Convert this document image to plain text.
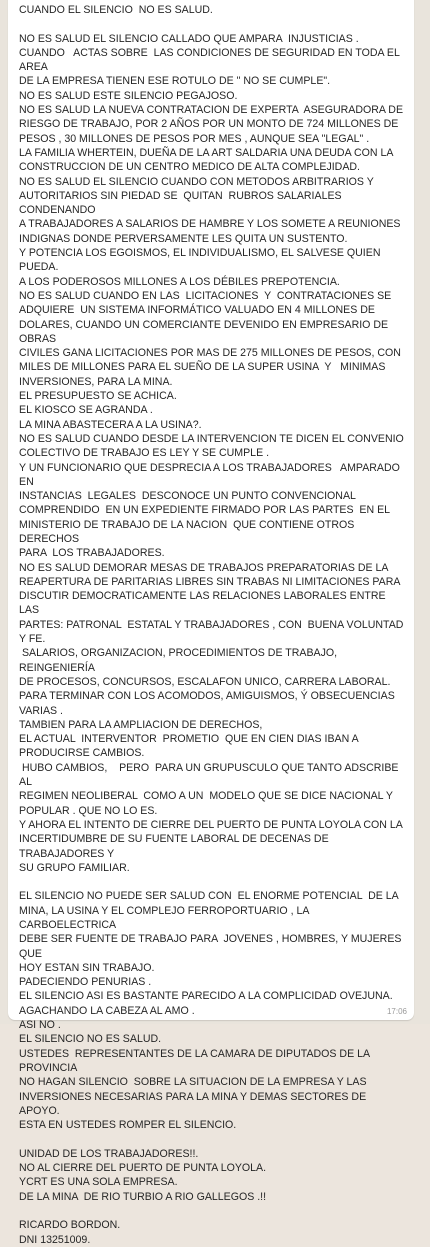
CUANDO EL SILENCIO  NO ES SALUD.

NO ES SALUD EL SILENCIO CALLADO QUE AMPARA  INJUSTICIAS .
CUANDO   ACTAS SOBRE  LAS CONDICIONES DE SEGURIDAD EN TODA EL AREA
DE LA EMPRESA TIENEN ESE ROTULO DE " NO SE CUMPLE".
NO ES SALUD ESTE SILENCIO PEGAJOSO.
NO ES SALUD LA NUEVA CONTRATACION DE EXPERTA  ASEGURADORA DE
RIESGO DE TRABAJO, POR 2 AÑOS POR UN MONTO DE 724 MILLONES DE
PESOS , 30 MILLONES DE PESOS POR MES , AUNQUE SEA "LEGAL" .
LA FAMILIA WHERTEIN, DUEÑA DE LA ART SALDARIA UNA DEUDA CON LA
CONSTRUCCION DE UN CENTRO MEDICO DE ALTA COMPLEJIDAD.
NO ES SALUD EL SILENCIO CUANDO CON METODOS ARBITRARIOS Y
AUTORITARIOS SIN PIEDAD SE  QUITAN  RUBROS SALARIALES  CONDENANDO
A TRABAJADORES A SALARIOS DE HAMBRE Y LOS SOMETE A REUNIONES
INDIGNAS DONDE PERVERSAMENTE LES QUITA UN SUSTENTO.
Y POTENCIA LOS EGOISMOS, EL INDIVIDUALISMO, EL SALVESE QUIEN PUEDA.
A LOS PODEROSOS MILLONES A LOS DÉBILES PREPOTENCIA.
NO ES SALUD CUANDO EN LAS  LICITACIONES  Y  CONTRATACIONES SE
ADQUIERE  UN SISTEMA INFORMÁTICO VALUADO EN 4 MILLONES DE
DOLARES, CUANDO UN COMERCIANTE DEVENIDO EN EMPRESARIO DE OBRAS
CIVILES GANA LICITACIONES POR MAS DE 275 MILLONES DE PESOS, CON
MILES DE MILLONES PARA EL SUEÑO DE LA SUPER USINA  Y   MINIMAS
INVERSIONES, PARA LA MINA.
EL PRESUPUESTO SE ACHICA.
EL KIOSCO SE AGRANDA .
LA MINA ABASTECERA A LA USINA?.
NO ES SALUD CUANDO DESDE LA INTERVENCION TE DICEN EL CONVENIO
COLECTIVO DE TRABAJO ES LEY Y SE CUMPLE .
Y UN FUNCIONARIO QUE DESPRECIA A LOS TRABAJADORES   AMPARADO EN
INSTANCIAS  LEGALES  DESCONOCE UN PUNTO CONVENCIONAL
COMPRENDIDO  EN UN EXPEDIENTE FIRMADO POR LAS PARTES  EN EL
MINISTERIO DE TRABAJO DE LA NACION  QUE CONTIENE OTROS  DERECHOS
PARA  LOS TRABAJADORES.
NO ES SALUD DEMORAR MESAS DE TRABAJOS PREPARATORIAS DE LA
REAPERTURA DE PARITARIAS LIBRES SIN TRABAS NI LIMITACIONES PARA
DISCUTIR DEMOCRATICAMENTE LAS RELACIONES LABORALES ENTRE LAS
PARTES: PATRONAL  ESTATAL Y TRABAJADORES , CON  BUENA VOLUNTAD Y FE.
SALARIOS, ORGANIZACION, PROCEDIMIENTOS DE TRABAJO, REINGENIERÍA
DE PROCESOS, CONCURSOS, ESCALAFON UNICO, CARRERA LABORAL.
PARA TERMINAR CON LOS ACOMODOS, AMIGUISMOS, Ý OBSECUENCIAS
VARIAS .
TAMBIEN PARA LA AMPLIACION DE DERECHOS,
EL ACTUAL  INTERVENTOR  PROMETIO  QUE EN CIEN DIAS IBAN A
PRODUCIRSE CAMBIOS.
HUBO CAMBIOS,    PERO  PARA UN GRUPUSCULO QUE TANTO ADSCRIBE AL
REGIMEN NEOLIBERAL  COMO A UN  MODELO QUE SE DICE NACIONAL Y
POPULAR . QUE NO LO ES.
Y AHORA EL INTENTO DE CIERRE DEL PUERTO DE PUNTA LOYOLA CON LA
INCERTIDUMBRE DE SU FUENTE LABORAL DE DECENAS DE TRABAJADORES Y
SU GRUPO FAMILIAR.

EL SILENCIO NO PUEDE SER SALUD CON  EL ENORME POTENCIAL  DE LA
MINA, LA USINA Y EL COMPLEJO FERROPORTUARIO , LA CARBOELECTRICA
DEBE SER FUENTE DE TRABAJO PARA  JOVENES , HOMBRES, Y MUJERES  QUE
HOY ESTAN SIN TRABAJO.
PADECIENDO PENURIAS .
EL SILENCIO ASI ES BASTANTE PARECIDO A LA COMPLICIDAD OVEJUNA.
AGACHANDO LA CABEZA AL AMO .
ASI NO .
EL SILENCIO NO ES SALUD.
USTEDES  REPRESENTANTES DE LA CAMARA DE DIPUTADOS DE LA PROVINCIA
NO HAGAN SILENCIO  SOBRE LA SITUACION DE LA EMPRESA Y LAS
INVERSIONES NECESARIAS PARA LA MINA Y DEMAS SECTORES DE APOYO.
ESTA EN USTEDES ROMPER EL SILENCIO.

UNIDAD DE LOS TRABAJADORES!!.
NO AL CIERRE DEL PUERTO DE PUNTA LOYOLA.
YCRT ES UNA SOLA EMPRESA.
DE LA MINA  DE RIO TURBIO A RIO GALLEGOS .!!

RICARDO BORDON.
DNI 13251009.

17:06
